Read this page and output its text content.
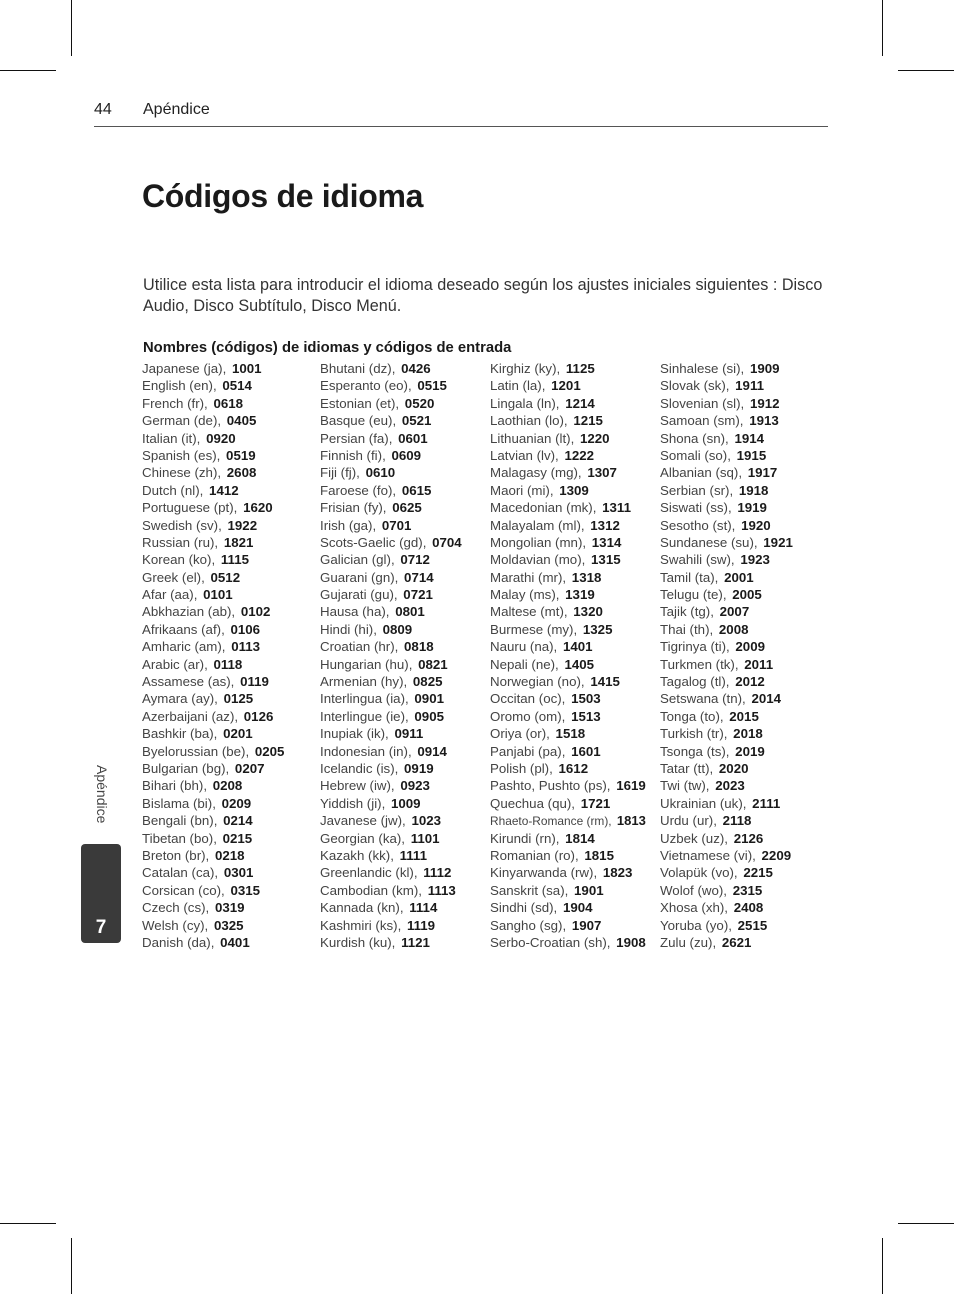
44 Apéndice
Códigos de idioma

Utilice esta lista para introducir el idioma deseado según los ajustes iniciales siguientes : Disco Audio, Disco Subtítulo, Disco Menú.

Nombres (códigos) de idiomas y códigos de entrada
Japanese (ja), 1001
English (en), 0514
French (fr), 0618
German (de), 0405
Italian (it), 0920
Spanish (es), 0519
Chinese (zh), 2608
Dutch (nl), 1412
Portuguese (pt), 1620
Swedish (sv), 1922
Russian (ru), 1821
Korean (ko), 1115
Greek (el), 0512
Afar (aa), 0101
Abkhazian (ab), 0102
Afrikaans (af), 0106
Amharic (am), 0113
Arabic (ar), 0118
Assamese (as), 0119
Aymara (ay), 0125
Azerbaijani (az), 0126
Bashkir (ba), 0201
Byelorussian (be), 0205
Bulgarian (bg), 0207
Bihari (bh), 0208
Bislama (bi), 0209
Bengali (bn), 0214
Tibetan (bo), 0215
Breton (br), 0218
Catalan (ca), 0301
Corsican (co), 0315
Czech (cs), 0319
Welsh (cy), 0325
Danish (da), 0401
Bhutani (dz), 0426
Esperanto (eo), 0515
Estonian (et), 0520
Basque (eu), 0521
Persian (fa), 0601
Finnish (fi), 0609
Fiji (fj), 0610
Faroese (fo), 0615
Frisian (fy), 0625
Irish (ga), 0701
Scots-Gaelic (gd), 0704
Galician (gl), 0712
Guarani (gn), 0714
Gujarati (gu), 0721
Hausa (ha), 0801
Hindi (hi), 0809
Croatian (hr), 0818
Hungarian (hu), 0821
Armenian (hy), 0825
Interlingua (ia), 0901
Interlingue (ie), 0905
Inupiak (ik), 0911
Indonesian (in), 0914
Icelandic (is), 0919
Hebrew (iw), 0923
Yiddish (ji), 1009
Javanese (jw), 1023
Georgian (ka), 1101
Kazakh (kk), 1111
Greenlandic (kl), 1112
Cambodian (km), 1113
Kannada (kn), 1114
Kashmiri (ks), 1119
Kurdish (ku), 1121
Kirghiz (ky), 1125
Latin (la), 1201
Lingala (ln), 1214
Laothian (lo), 1215
Lithuanian (lt), 1220
Latvian (lv), 1222
Malagasy (mg), 1307
Maori (mi), 1309
Macedonian (mk), 1311
Malayalam (ml), 1312
Mongolian (mn), 1314
Moldavian (mo), 1315
Marathi (mr), 1318
Malay (ms), 1319
Maltese (mt), 1320
Burmese (my), 1325
Nauru (na), 1401
Nepali (ne), 1405
Norwegian (no), 1415
Occitan (oc), 1503
Oromo (om), 1513
Oriya (or), 1518
Panjabi (pa), 1601
Polish (pl), 1612
Pashto, Pushto (ps), 1619
Quechua (qu), 1721
Rhaeto-Romance (rm), 1813
Kirundi (rn), 1814
Romanian (ro), 1815
Kinyarwanda (rw), 1823
Sanskrit (sa), 1901
Sindhi (sd), 1904
Sangho (sg), 1907
Serbo-Croatian (sh), 1908
Sinhalese (si), 1909
Slovak (sk), 1911
Slovenian (sl), 1912
Samoan (sm), 1913
Shona (sn), 1914
Somali (so), 1915
Albanian (sq), 1917
Serbian (sr), 1918
Siswati (ss), 1919
Sesotho (st), 1920
Sundanese (su), 1921
Swahili (sw), 1923
Tamil (ta), 2001
Telugu (te), 2005
Tajik (tg), 2007
Thai (th), 2008
Tigrinya (ti), 2009
Turkmen (tk), 2011
Tagalog (tl), 2012
Setswana (tn), 2014
Tonga (to), 2015
Turkish (tr), 2018
Tsonga (ts), 2019
Tatar (tt), 2020
Twi (tw), 2023
Ukrainian (uk), 2111
Urdu (ur), 2118
Uzbek (uz), 2126
Vietnamese (vi), 2209
Volapük (vo), 2215
Wolof (wo), 2315
Xhosa (xh), 2408
Yoruba (yo), 2515
Zulu (zu), 2621
Apéndice
7
